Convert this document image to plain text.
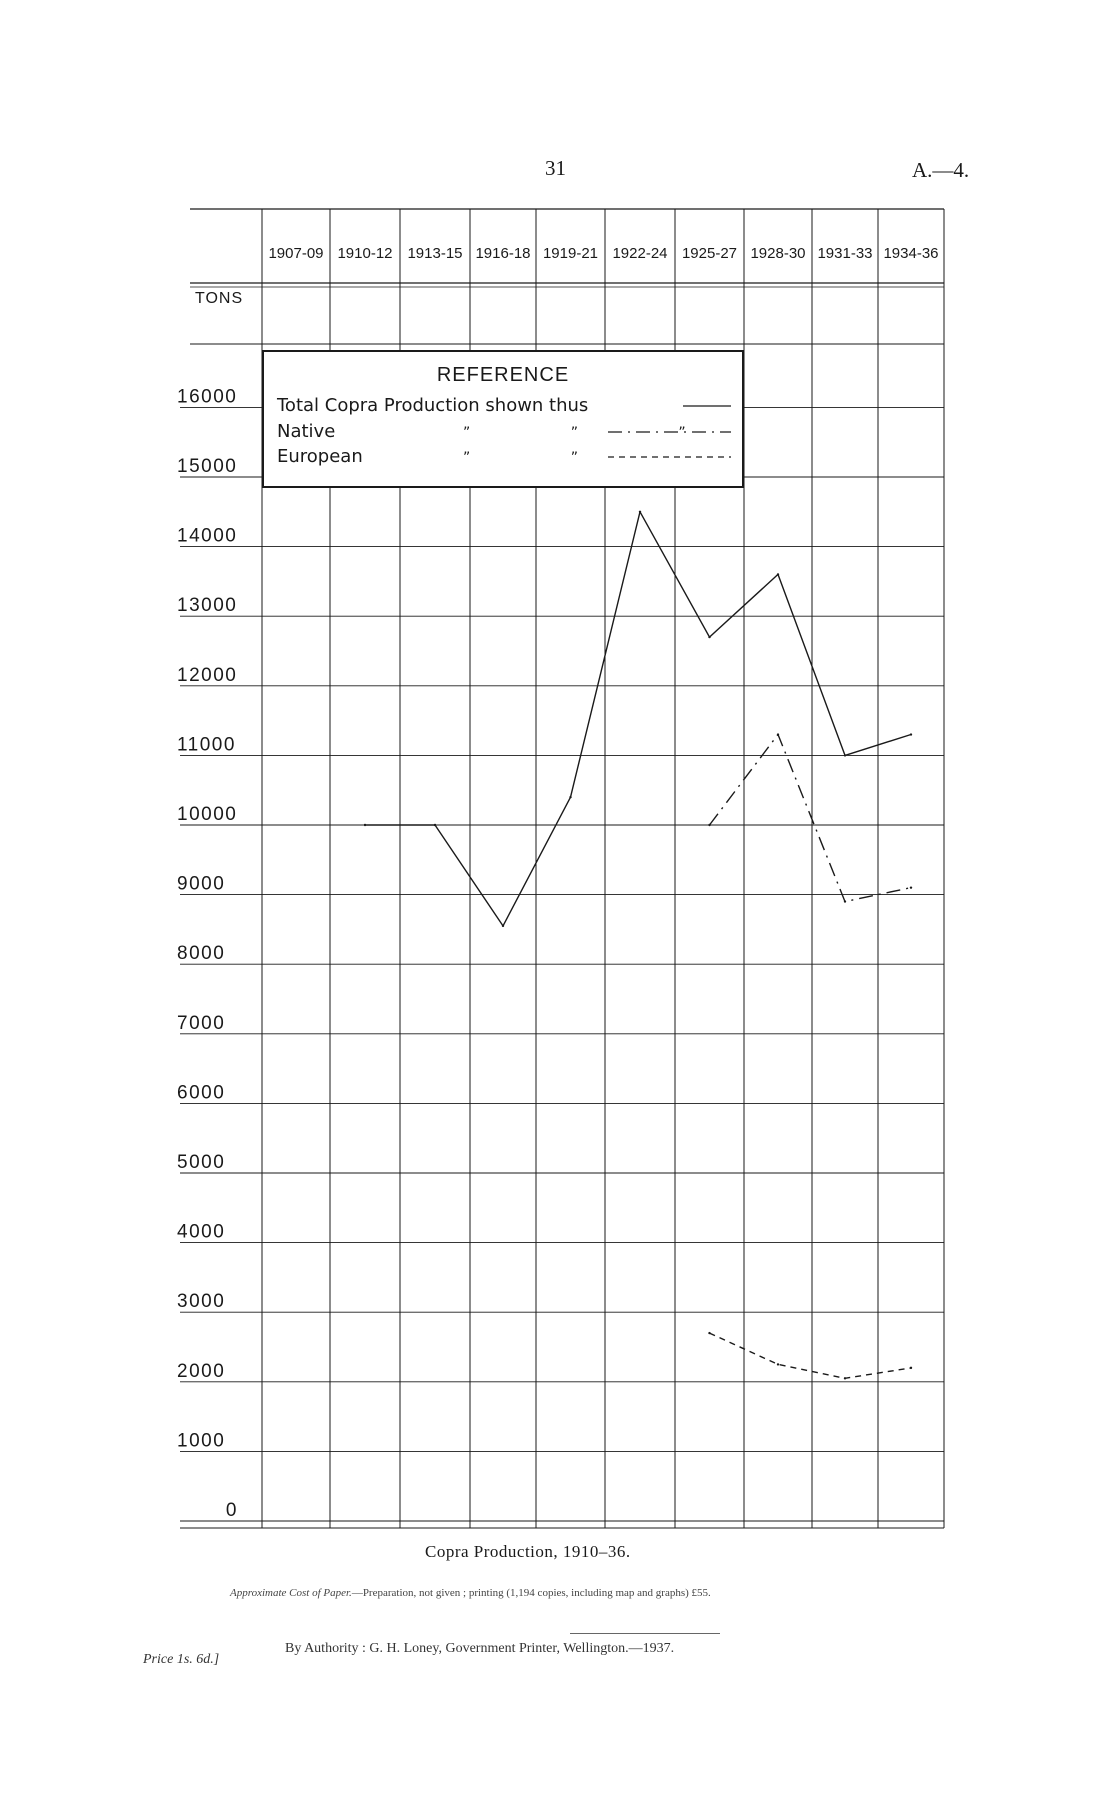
31	A.—4.
1907-09 1910-12 1913-15 1916-18 1919-21 1922-24 1925-27 1928-30 1931-33 1934-36
TONS
16000
15000
14000
13000
12000
11000
10000
9000
8000
7000
6000
5000
4000
3000
2000
1000
0
REFERENCE
Total Copra Production shown thus
Native	” ” ”
European	” ”
Copra Production, 1910–36.
Approximate Cost of Paper.—Preparation, not given ; printing (1,194 copies, including map and graphs) £55.
By Authority : G. H. Loney, Government Printer, Wellington.—1937.
Price 1s. 6d.]
